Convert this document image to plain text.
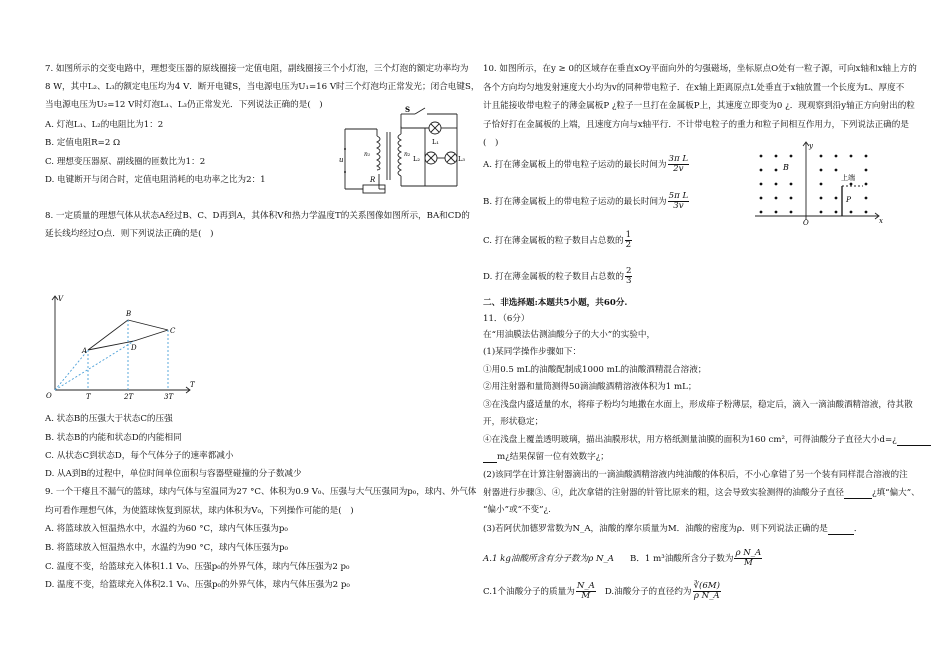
7. 如图所示的交变电路中，理想变压器的原线圈接一定值电阻，副线圈接三个小灯泡，三个灯泡的额定功率均为
8 W，其中L₂、L₃的额定电压均为4 V．断开电键S，当电源电压为U₁=16 V时三个灯泡均正常发光；闭合电键S，
当电源电压为U₂=12 V时灯泡L₁、L₃仍正常发光．下列说法正确的是(　)
A. 灯泡L₁、L₂的电阻比为1：2
B. 定值电阻R=2 Ω
C. 理想变压器原、副线圈的匝数比为1：2
D. 电键断开与闭合时，定值电阻消耗的电功率之比为2：1
u
n₁	n₂
S
R
L₁
L₂	L₃
8. 一定质量的理想气体从状态A经过B、C、D再到A，其体积V和热力学温度T的关系图像如图所示，BA和CD的
延长线均经过O点．则下列说法正确的是(　)
V
T
O
A
B
C
D
T	2T	3T
A. 状态B的压强大于状态C的压强
B. 状态B的内能和状态D的内能相同
C. 从状态C到状态D，每个气体分子的速率都减小
D. 从A到B的过程中，单位时间单位面积与容器壁碰撞的分子数减少
9. 一个干瘪且不漏气的篮球，球内气体与室温同为27 °C、体积为0.9 V₀、压强与大气压强同为p₀，球内、外气体
均可看作理想气体，为使篮球恢复到原状，球内体积为V₀，下列操作可能的是(　)
A. 将篮球放入恒温热水中，水温约为60 °C，球内气体压强为p₀
B. 将篮球放入恒温热水中，水温约为90 °C，球内气体压强为p₀
C. 温度不变，给篮球充入体积1.1 V₀、压强p₀的外界气体，球内气体压强为2 p₀
D. 温度不变，给篮球充入体积2.1 V₀、压强p₀的外界气体，球内气体压强为2 p₀
10. 如图所示，在y ≥ 0的区域存在垂直xOy平面向外的匀强磁场，坐标原点O处有一粒子源，可向x轴和x轴上方的
各个方向均匀地发射速度大小均为v的同种带电粒子．在x轴上距离原点L处垂直于x轴放置一个长度为L、厚度不
计且能接收带电粒子的薄金属板P ¿粒子一旦打在金属板P上，其速度立即变为0 ¿．现观察到沿y轴正方向射出的粒
子恰好打在金属板的上端，且速度方向与x轴平行．不计带电粒子的重力和粒子间相互作用力，下列说法正确的是
(　)
A. 打在薄金属板上的带电粒子运动的最长时间为 $\frac{\text{3π L}}{2v}$
B. 打在薄金属板上的带电粒子运动的最长时间为 $\frac{\text{5π L}}{3v}$
C. 打在薄金属板的粒子数目占总数的 $\frac{1}{2}$
D. 打在薄金属板的粒子数目占总数的 $\frac{2}{3}$
y
x
O
B
P
上端
二、非选择题:本题共5小题，共60分.
11．（6分）
在“用油膜法估测油酸分子的大小”的实验中，
(1)某同学操作步骤如下：
①用0.5 mL的油酸配制成1000 mL的油酸酒精混合溶液；
②用注射器和量筒测得50滴油酸酒精溶液体积为1 mL；
③在浅盘内盛适量的水，将痱子粉均匀地撒在水面上，形成痱子粉薄层，稳定后，滴入一滴油酸酒精溶液，待其散
开，形状稳定；
④在浅盘上覆盖透明玻璃，描出油膜形状，用方格纸测量油膜的面积为160 cm²，可得油酸分子直径大小d=¿
m¿结果保留一位有效数字¿；
(2)该同学在计算注射器滴出的一滴油酸酒精溶液内纯油酸的体积后，不小心拿错了另一个装有同样混合溶液的注
射器进行步骤③、④，此次拿错的注射器的针管比原来的粗，这会导致实验测得的油酸分子直径	¿填“偏大”、
“偏小”或“不变”¿.
(3)若阿伏加德罗常数为N_A，油酸的摩尔质量为M．油酸的密度为ρ．则下列说法正确的是	．
A.1 kg油酸所含有分子数为ρ N_A B．1 m³油酸所含分子数为 $\frac{\text{ρ N\_A}}{M}$
C.1个油酸分子的质量为 $\frac{N\_A}{M} D$.油酸分子的直径约为 $\frac{∛(6M)}{\text{ρ N\_A}}$
